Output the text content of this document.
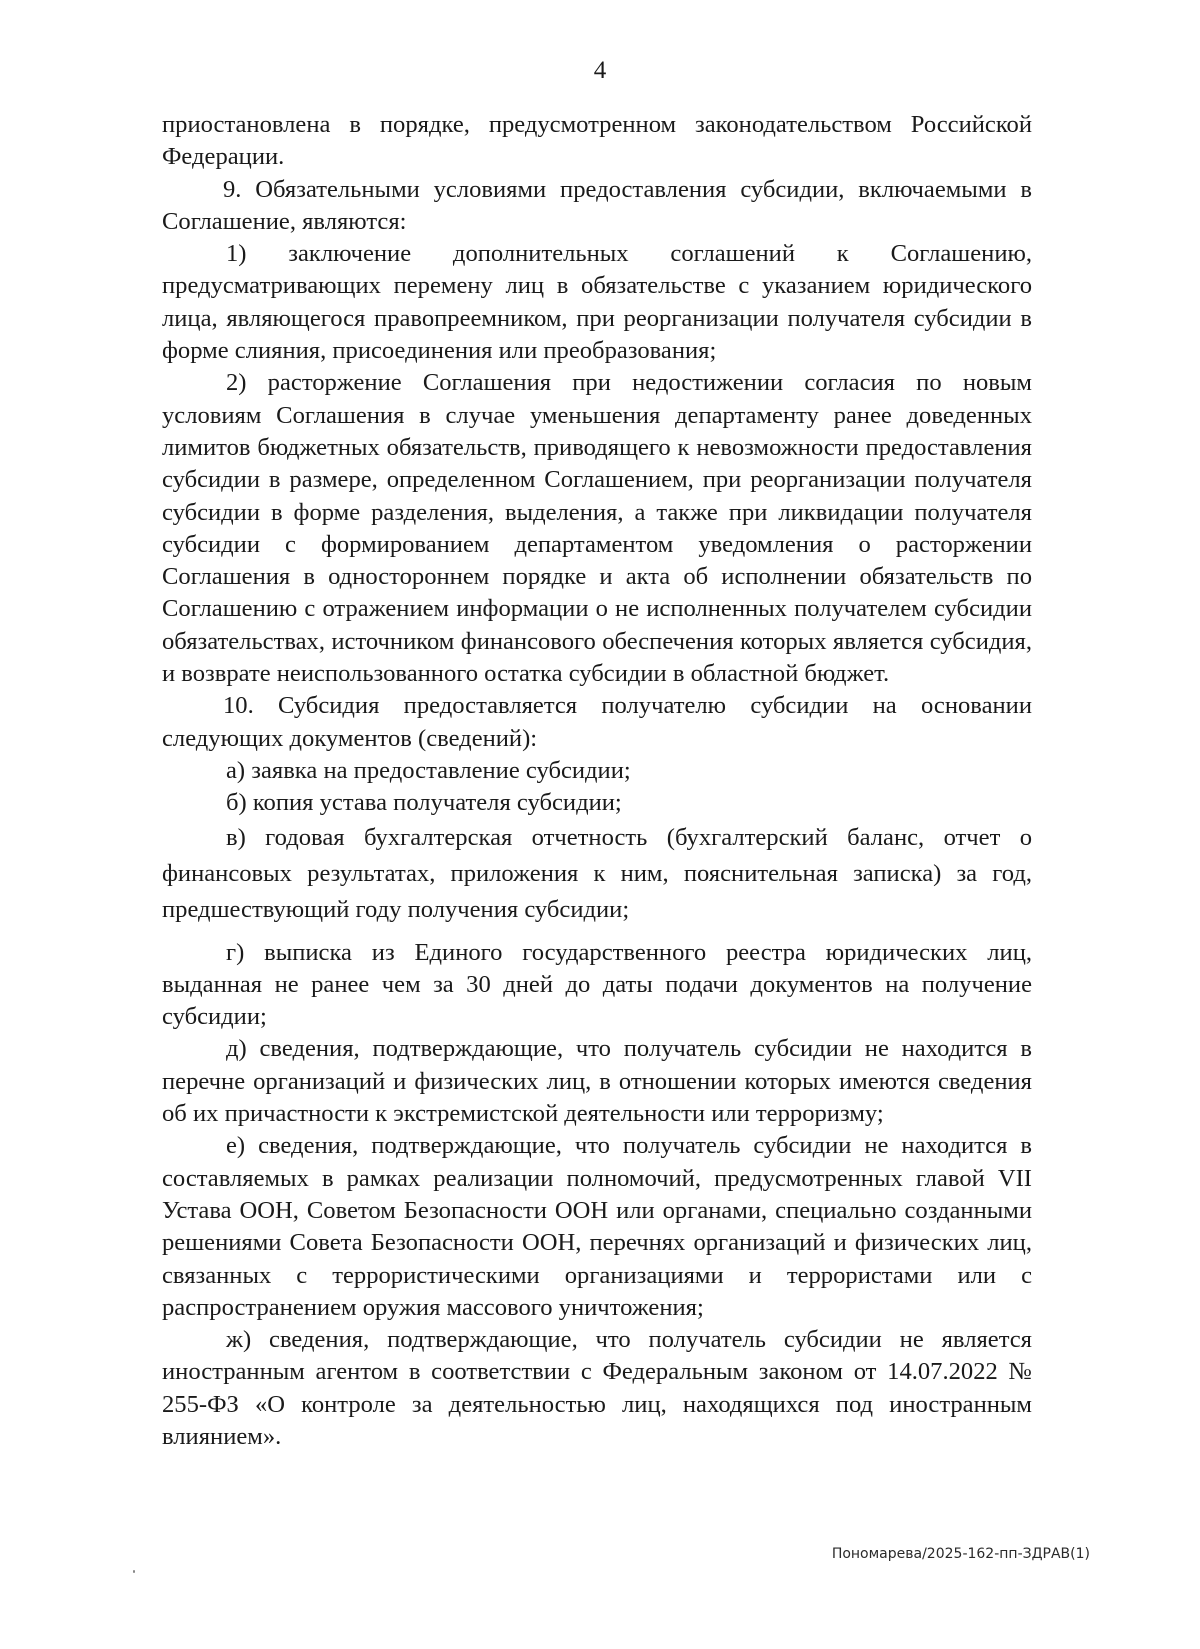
4

приостановлена в порядке, предусмотренном законодательством Российской Федерации.

9. Обязательными условиями предоставления субсидии, включаемыми в Соглашение, являются:

1) заключение дополнительных соглашений к Соглашению, предусматривающих перемену лиц в обязательстве с указанием юридического лица, являющегося правопреемником, при реорганизации получателя субсидии в форме слияния, присоединения или преобразования;

2) расторжение Соглашения при недостижении согласия по новым условиям Соглашения в случае уменьшения департаменту ранее доведенных лимитов бюджетных обязательств, приводящего к невозможности предоставления субсидии в размере, определенном Соглашением, при реорганизации получателя субсидии в форме разделения, выделения, а также при ликвидации получателя субсидии с формированием департаментом уведомления о расторжении Соглашения в одностороннем порядке и акта об исполнении обязательств по Соглашению с отражением информации о не исполненных получателем субсидии обязательствах, источником финансового обеспечения которых является субсидия, и возврате неиспользованного остатка субсидии в областной бюджет.

10. Субсидия предоставляется получателю субсидии на основании следующих документов (сведений):

а) заявка на предоставление субсидии;

б) копия устава получателя субсидии;

в) годовая бухгалтерская отчетность (бухгалтерский баланс, отчет о финансовых результатах, приложения к ним, пояснительная записка) за год, предшествующий году получения субсидии;

г) выписка из Единого государственного реестра юридических лиц, выданная не ранее чем за 30 дней до даты подачи документов на получение субсидии;

д) сведения, подтверждающие, что получатель субсидии не находится в перечне организаций и физических лиц, в отношении которых имеются сведения об их причастности к экстремистской деятельности или терроризму;

е) сведения, подтверждающие, что получатель субсидии не находится в составляемых в рамках реализации полномочий, предусмотренных главой VII Устава ООН, Советом Безопасности ООН или органами, специально созданными решениями Совета Безопасности ООН, перечнях организаций и физических лиц, связанных с террористическими организациями и террористами или с распространением оружия массового уничтожения;

ж) сведения, подтверждающие, что получатель субсидии не является иностранным агентом в соответствии с Федеральным законом от 14.07.2022 № 255-ФЗ «О контроле за деятельностью лиц, находящихся под иностранным влиянием».

Пономарева/2025-162-пп-ЗДРАВ(1)
